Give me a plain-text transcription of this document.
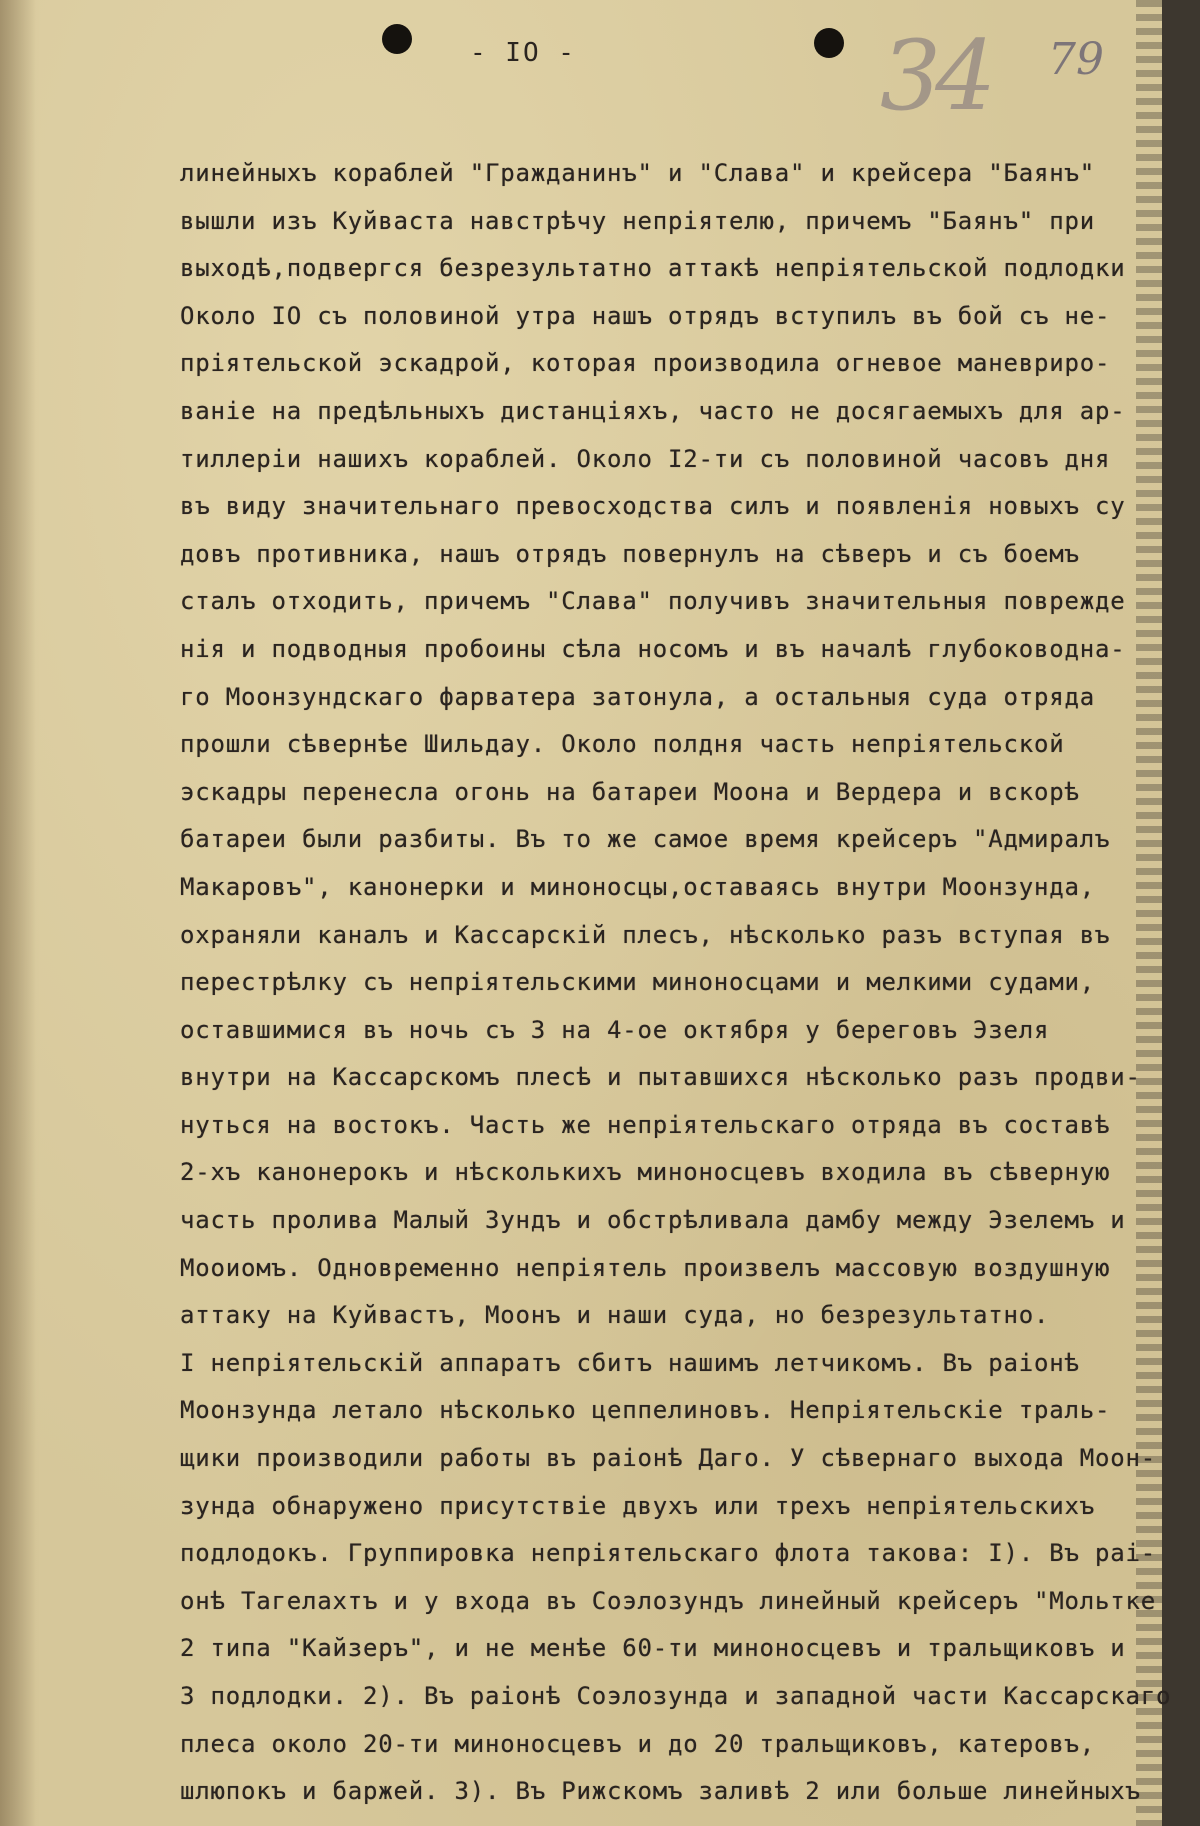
- IO -	34 79
линейныхъ кораблей "Гражданинъ" и "Слава" и крейсера "Баянъ"
вышли изъ Куйваста навстрѣчу непріятелю, причемъ "Баянъ" при
выходѣ,подвергся безрезультатно аттакѣ непріятельской подлодки
Около IO съ половиной утра нашъ отрядъ вступилъ въ бой съ не-
пріятельской эскадрой, которая производила огневое маневриро-
ваніе на предѣльныхъ дистанціяхъ, часто не досягаемыхъ для ар-
тиллеріи нашихъ кораблей. Около I2-ти съ половиной часовъ дня
въ виду значительнаго превосходства силъ и появленія новыхъ су
довъ противника, нашъ отрядъ повернулъ на сѣверъ и съ боемъ
сталъ отходить, причемъ "Слава" получивъ значительныя поврежде
нія и подводныя пробоины сѣла носомъ и въ началѣ глубоководна-
го Моонзундскаго фарватера затонула, а остальныя суда отряда
прошли сѣвернѣе Шильдау. Около полдня часть непріятельской
эскадры перенесла огонь на батареи Моона и Вердера и вскорѣ
батареи были разбиты. Въ то же самое время крейсеръ "Адмиралъ
Макаровъ", канонерки и миноносцы,оставаясь внутри Моонзунда,
охраняли каналъ и Кассарскій плесъ, нѣсколько разъ вступая въ
перестрѣлку съ непріятельскими миноносцами и мелкими судами,
оставшимися въ ночь съ 3 на 4-ое октября у береговъ Эзеля
внутри на Кассарскомъ плесѣ и пытавшихся нѣсколько разъ продви-
нуться на востокъ. Часть же непріятельскаго отряда въ составѣ
2-хъ канонерокъ и нѣсколькихъ миноносцевъ входила въ сѣверную
часть пролива Малый Зундъ и обстрѣливала дамбу между Эзелемъ и
Мооиомъ. Одновременно непріятель произвелъ массовую воздушную
аттаку на Куйвастъ, Моонъ и наши суда, но безрезультатно.
I непріятельскій аппаратъ сбитъ нашимъ летчикомъ. Въ раіонѣ
Моонзунда летало нѣсколько цеппелиновъ. Непріятельскіе траль-
щики производили работы въ раіонѣ Даго. У сѣвернаго выхода Моон-
зунда обнаружено присутствіе двухъ или трехъ непріятельскихъ
подлодокъ. Группировка непріятельскаго флота такова: I). Въ раі-
онѣ Тагелахтъ и у входа въ Соэлозундъ линейный крейсеръ "Мольтке
2 типа "Кайзеръ", и не менѣе 60-ти миноносцевъ и тральщиковъ и
3 подлодки. 2). Въ раіонѣ Соэлозунда и западной части Кассарскаго
плеса около 20-ти миноносцевъ и до 20 тральщиковъ, катеровъ,
шлюпокъ и баржей. 3). Въ Рижскомъ заливѣ 2 или больше линейныхъ
